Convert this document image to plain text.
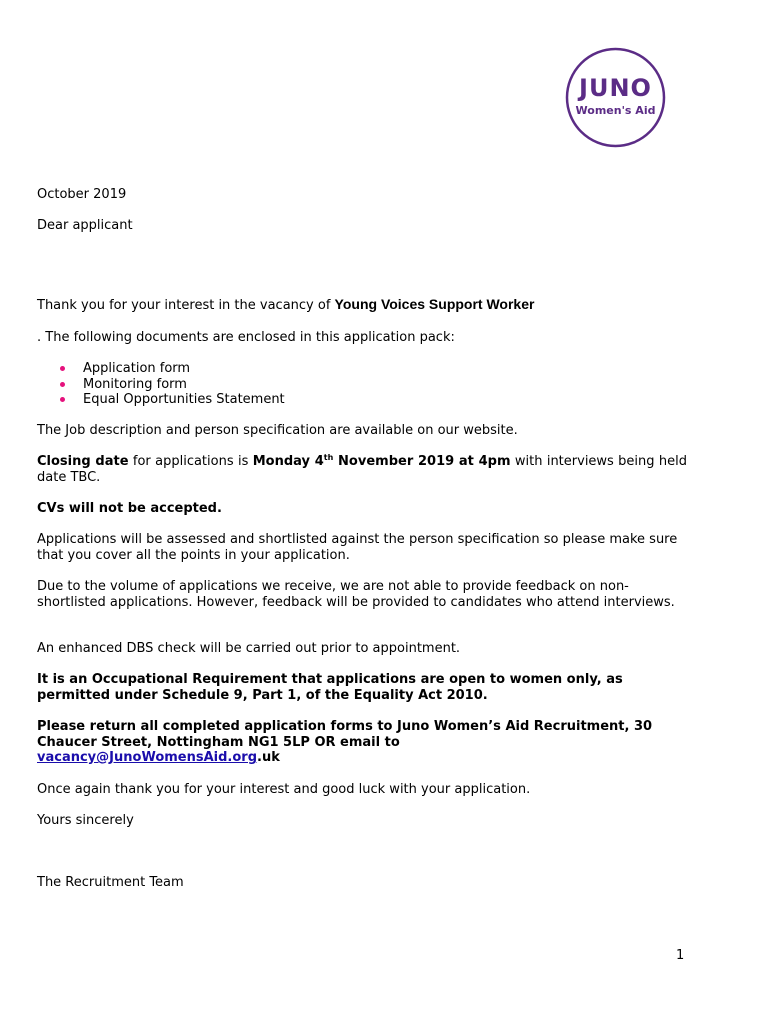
JUNO
Women's Aid

October 2019

Dear applicant

Thank you for your interest in the vacancy of Young Voices Support Worker

. The following documents are enclosed in this application pack:

Application form
Monitoring form
Equal Opportunities Statement

The Job description and person specification are available on our website.

Closing date for applications is Monday 4th November 2019 at 4pm with interviews being held date TBC.

CVs will not be accepted.

Applications will be assessed and shortlisted against the person specification so please make sure that you cover all the points in your application.

Due to the volume of applications we receive, we are not able to provide feedback on non-shortlisted applications. However, feedback will be provided to candidates who attend interviews.

An enhanced DBS check will be carried out prior to appointment.

It is an Occupational Requirement that applications are open to women only, as permitted under Schedule 9, Part 1, of the Equality Act 2010.

Please return all completed application forms to Juno Women’s Aid Recruitment, 30 Chaucer Street, Nottingham NG1 5LP OR email to
vacancy@JunoWomensAid.org.uk

Once again thank you for your interest and good luck with your application.

Yours sincerely

The Recruitment Team

1
